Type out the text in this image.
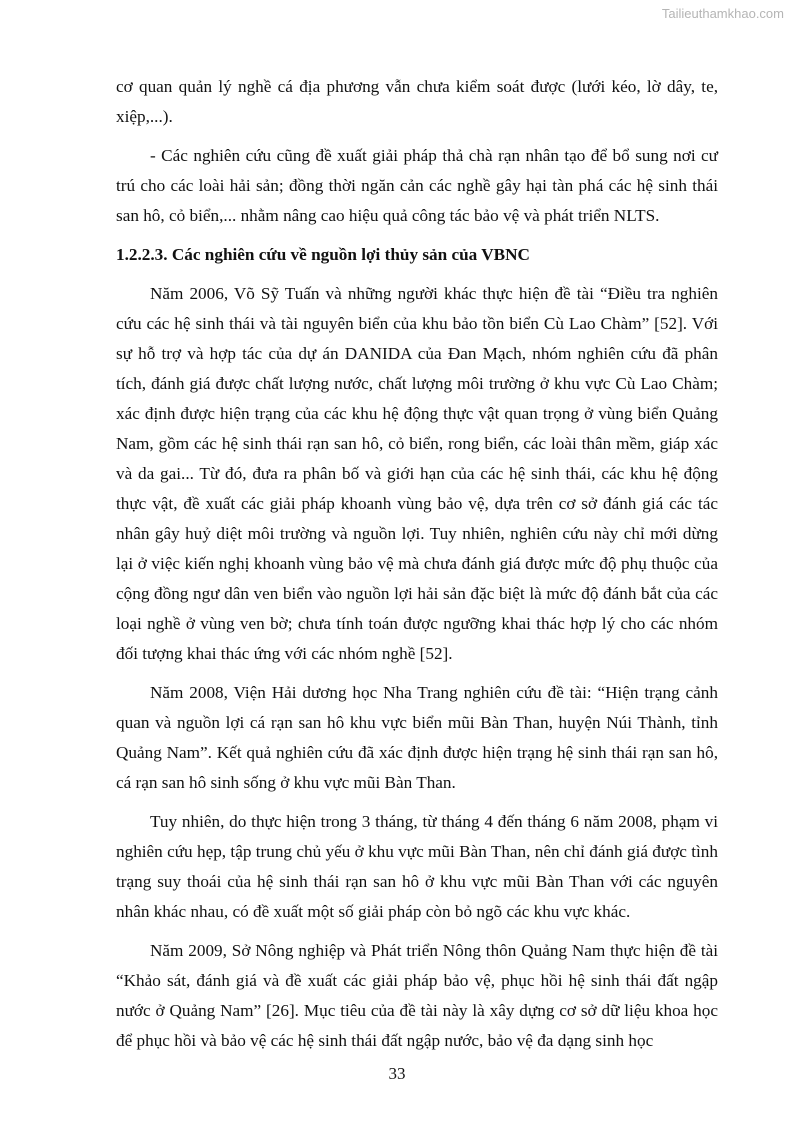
Tailieuthamkhao.com

cơ quan quản lý nghề cá địa phương vẫn chưa kiểm soát được (lưới kéo, lờ dây, te, xiệp,...).

- Các nghiên cứu cũng đề xuất giải pháp thả chà rạn nhân tạo để bổ sung nơi cư trú cho các loài hải sản; đồng thời ngăn cản các nghề gây hại tàn phá các hệ sinh thái san hô, cỏ biển,... nhằm nâng cao hiệu quả công tác bảo vệ và phát triển NLTS.

1.2.2.3. Các nghiên cứu về nguồn lợi thủy sản của VBNC

Năm 2006, Võ Sỹ Tuấn và những người khác thực hiện đề tài “Điều tra nghiên cứu các hệ sinh thái và tài nguyên biển của khu bảo tồn biển Cù Lao Chàm” [52]. Với sự hỗ trợ và hợp tác của dự án DANIDA của Đan Mạch, nhóm nghiên cứu đã phân tích, đánh giá được chất lượng nước, chất lượng môi trường ở khu vực Cù Lao Chàm; xác định được hiện trạng của các khu hệ động thực vật quan trọng ở vùng biển Quảng Nam, gồm các hệ sinh thái rạn san hô, cỏ biển, rong biển, các loài thân mềm, giáp xác và da gai... Từ đó, đưa ra phân bố và giới hạn của các hệ sinh thái, các khu hệ động thực vật, đề xuất các giải pháp khoanh vùng bảo vệ, dựa trên cơ sở đánh giá các tác nhân gây huỷ diệt môi trường và nguồn lợi. Tuy nhiên, nghiên cứu này chỉ mới dừng lại ở việc kiến nghị khoanh vùng bảo vệ mà chưa đánh giá được mức độ phụ thuộc của cộng đồng ngư dân ven biển vào nguồn lợi hải sản đặc biệt là mức độ đánh bắt của các loại nghề ở vùng ven bờ; chưa tính toán được ngưỡng khai thác hợp lý cho các nhóm đối tượng khai thác ứng với các nhóm nghề [52].

Năm 2008, Viện Hải dương học Nha Trang nghiên cứu đề tài: “Hiện trạng cảnh quan và nguồn lợi cá rạn san hô khu vực biển mũi Bàn Than, huyện Núi Thành, tỉnh Quảng Nam”. Kết quả nghiên cứu đã xác định được hiện trạng hệ sinh thái rạn san hô, cá rạn san hô sinh sống ở khu vực mũi Bàn Than.

Tuy nhiên, do thực hiện trong 3 tháng, từ tháng 4 đến tháng 6 năm 2008, phạm vi nghiên cứu hẹp, tập trung chủ yếu ở khu vực mũi Bàn Than, nên chỉ đánh giá được tình trạng suy thoái của hệ sinh thái rạn san hô ở khu vực mũi Bàn Than với các nguyên nhân khác nhau, có đề xuất một số giải pháp còn bỏ ngõ các khu vực khác.

Năm 2009, Sở Nông nghiệp và Phát triển Nông thôn Quảng Nam thực hiện đề tài “Khảo sát, đánh giá và đề xuất các giải pháp bảo vệ, phục hồi hệ sinh thái đất ngập nước ở Quảng Nam” [26]. Mục tiêu của đề tài này là xây dựng cơ sở dữ liệu khoa học để phục hồi và bảo vệ các hệ sinh thái đất ngập nước, bảo vệ đa dạng sinh học

33
